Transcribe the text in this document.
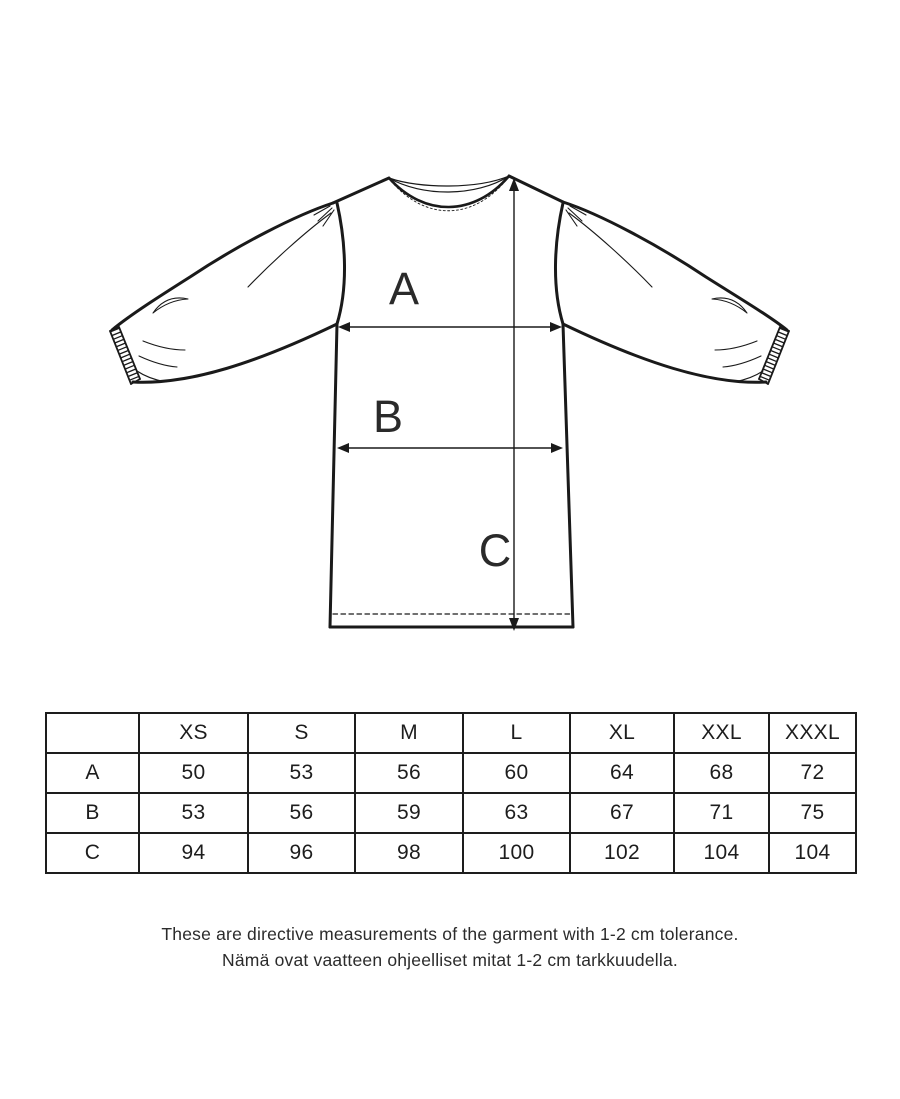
A
B
C
	XS	S	M	L	XL	XXL	XXXL
A	50	53	56	60	64	68	72
B	53	56	59	63	67	71	75
C	94	96	98	100	102	104	104
These are directive measurements of the garment with 1-2 cm tolerance.
Nämä ovat vaatteen ohjeelliset mitat 1-2 cm tarkkuudella.
